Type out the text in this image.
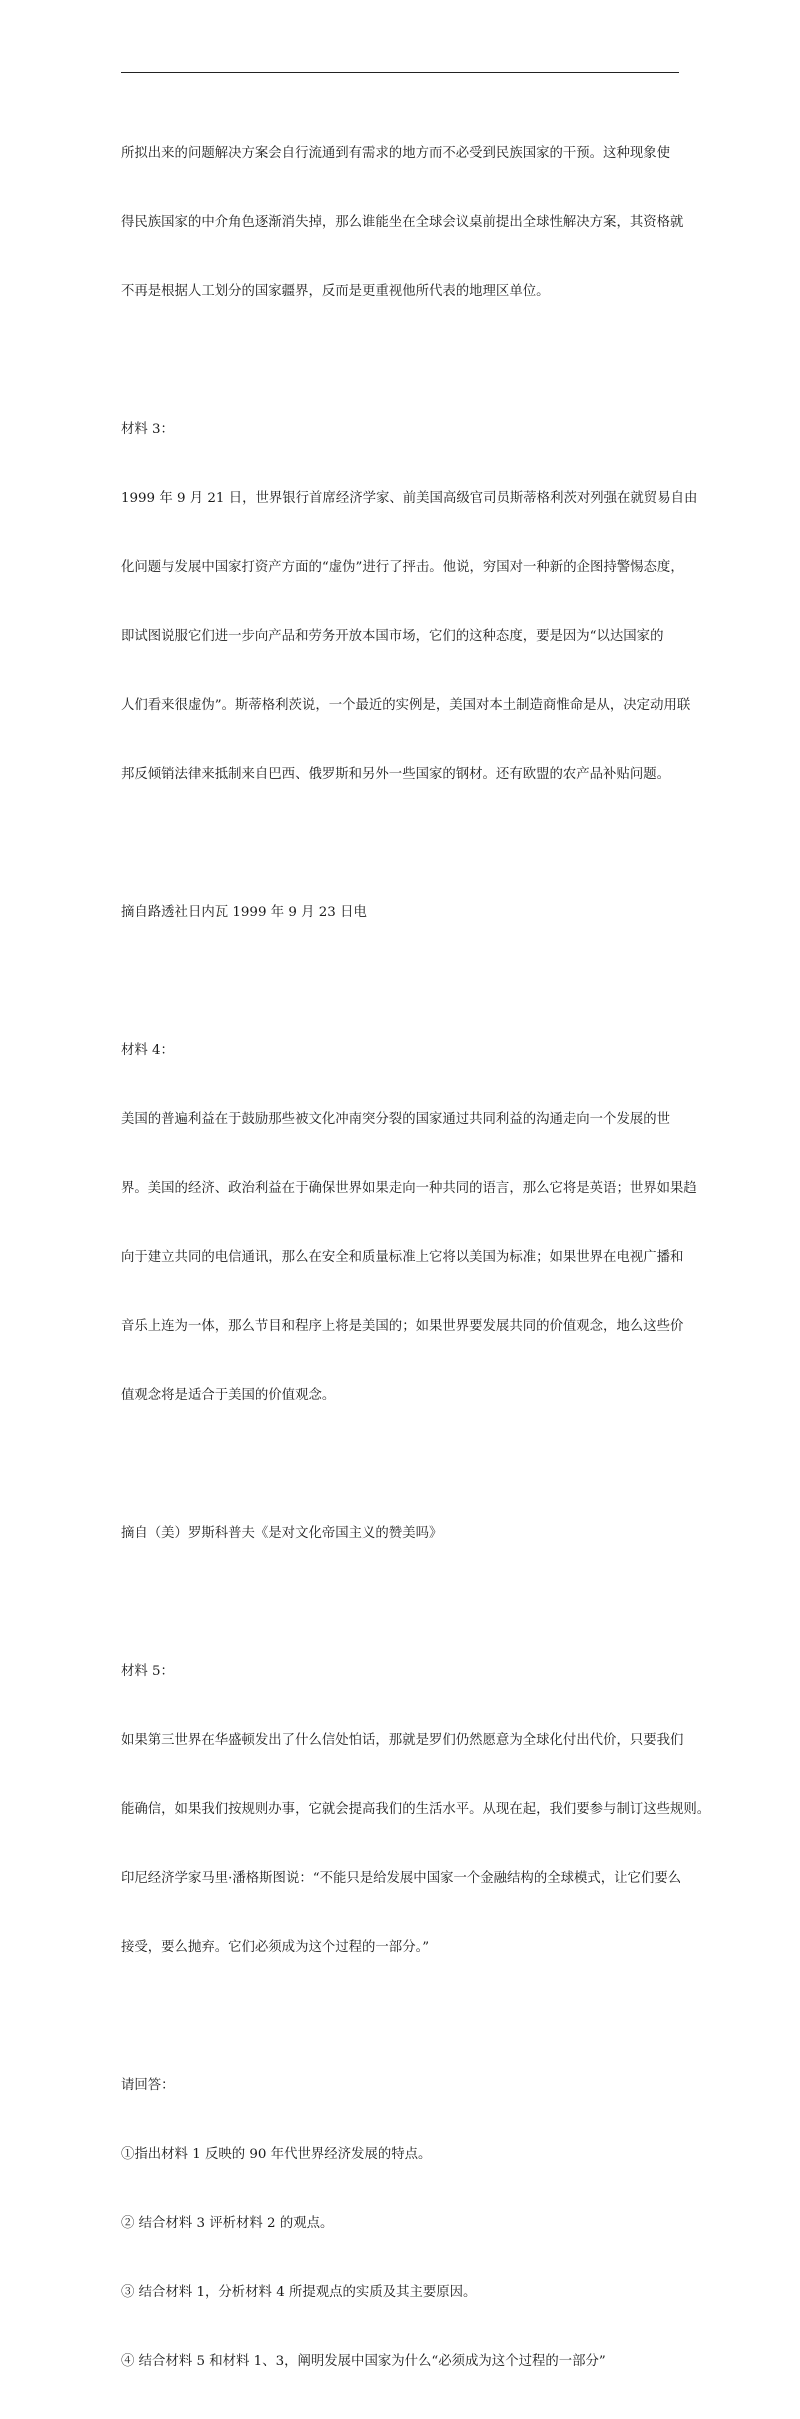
所拟出来的问题解决方案会自行流通到有需求的地方而不必受到民族国家的干预。这种现象使

得民族国家的中介角色逐渐消失掉，那么谁能坐在全球会议桌前提出全球性解决方案，其资格就

不再是根据人工划分的国家疆界，反而是更重视他所代表的地理区单位。

材料 3：

1999 年 9 月 21 日，世界银行首席经济学家、前美国高级官司员斯蒂格利茨对列强在就贸易自由

化问题与发展中国家打资产方面的“虚伪”进行了抨击。他说，穷国对一种新的企图持警惕态度，

即试图说服它们进一步向产品和劳务开放本国市场，它们的这种态度，要是因为“以达国家的

人们看来很虚伪”。斯蒂格利茨说，一个最近的实例是，美国对本土制造商惟命是从，决定动用联

邦反倾销法律来抵制来自巴西、俄罗斯和另外一些国家的钢材。还有欧盟的农产品补贴问题。

摘自路透社日内瓦 1999 年 9 月 23 日电

材料 4：

美国的普遍利益在于鼓励那些被文化冲南突分裂的国家通过共同利益的沟通走向一个发展的世

界。美国的经济、政治利益在于确保世界如果走向一种共同的语言，那么它将是英语；世界如果趋

向于建立共同的电信通讯，那么在安全和质量标准上它将以美国为标准；如果世界在电视广播和

音乐上连为一体，那么节目和程序上将是美国的；如果世界要发展共同的价值观念，地么这些价

值观念将是适合于美国的价值观念。

摘自（美）罗斯科普夫《是对文化帝国主义的赞美吗》

材料 5：

如果第三世界在华盛顿发出了什么信处怕话，那就是罗们仍然愿意为全球化付出代价，只要我们

能确信，如果我们按规则办事，它就会提高我们的生活水平。从现在起，我们要参与制订这些规则。

印尼经济学家马里·潘格斯图说：“不能只是给发展中国家一个金融结构的全球模式，让它们要么

接受，要么抛弃。它们必须成为这个过程的一部分。”

请回答：

①指出材料 1 反映的 90 年代世界经济发展的特点。

② 结合材料 3 评析材料 2 的观点。

③ 结合材料 1，分析材料 4 所提观点的实质及其主要原因。

④ 结合材料 5 和材料 1、3，阐明发展中国家为什么“必须成为这个过程的一部分”
